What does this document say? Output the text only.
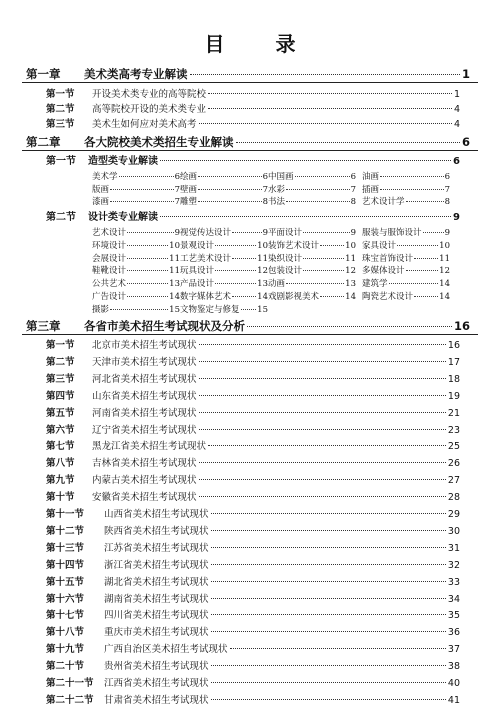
目 录
第一章 美术类高考专业解读	1
第一节 开设美术类专业的高等院校	1
第二节 高等院校开设的美术类专业	4
第三节 美术生如何应对美术高考	4
第二章 各大院校美术类招生专业解读	6
第一节 造型类专业解读	6
美术学	6 绘画	6 中国画	6 油画	6
版画	7 壁画	7 水彩	7 插画	7
漆画	7 雕塑	8 书法	8 艺术设计学	8
第二节 设计类专业解读	9
艺术设计	9 视觉传达设计	9 平面设计	9 服装与服饰设计	9
环境设计	10 景观设计	10 装饰艺术设计	10 家具设计	10
会展设计	11 工艺美术设计	11 染织设计	11 珠宝首饰设计	11
鞋靴设计	11 玩具设计	12 包装设计	12 多媒体设计	12
公共艺术	13 产品设计	13 动画	13 建筑学	14
广告设计	14 数字媒体艺术	14 戏剧影视美术	14 陶瓷艺术设计	14
摄影	15 文物鉴定与修复 15
第三章 各省市美术招生考试现状及分析	16
第一节 北京市美术招生考试现状	16
第二节 天津市美术招生考试现状	17
第三节 河北省美术招生考试现状	18
第四节 山东省美术招生考试现状	19
第五节 河南省美术招生考试现状	21
第六节 辽宁省美术招生考试现状	23
第七节 黑龙江省美术招生考试现状	25
第八节 吉林省美术招生考试现状	26
第九节 内蒙古美术招生考试现状	27
第十节 安徽省美术招生考试现状	28
第十一节 山西省美术招生考试现状	29
第十二节 陕西省美术招生考试现状	30
第十三节 江苏省美术招生考试现状	31
第十四节 浙江省美术招生考试现状	32
第十五节 湖北省美术招生考试现状	33
第十六节 湖南省美术招生考试现状	34
第十七节 四川省美术招生考试现状	35
第十八节 重庆市美术招生考试现状	36
第十九节 广西自治区美术招生考试现状	37
第二十节 贵州省美术招生考试现状	38
第二十一节 江西省美术招生考试现状	40
第二十二节 甘肃省美术招生考试现状	41
